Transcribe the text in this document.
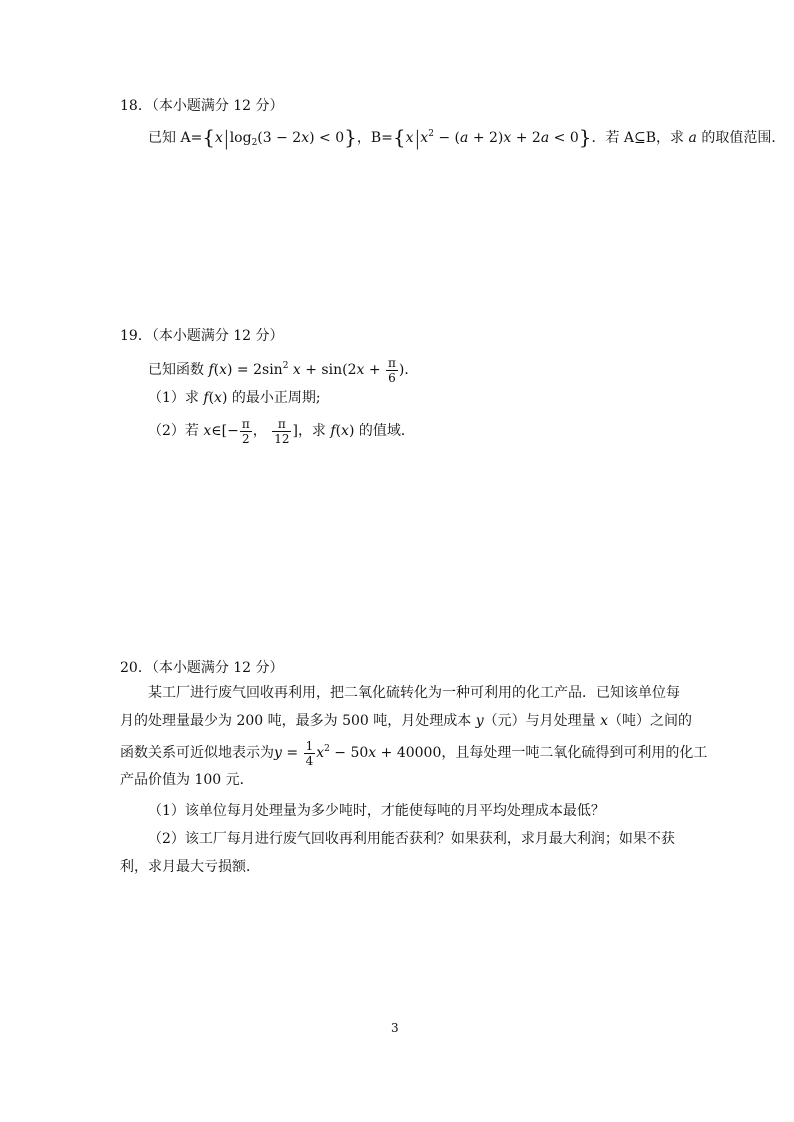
18．（本小题满分 12 分）
已知 $A=\{x|\log_2(3 - 2x) < 0\}$，$B=\{x|x^2 - (a + 2)x + 2a < 0\}$．若 A⊆B，求 a 的取值范围．
19．（本小题满分 12 分）
已知函数 $f(x) = 2\sin^2$ $x + \sin(2x + \frac{\pi}{6}$ )．
（1）求 f(x) 的最小正周期;
（2）若 x∈[− $\frac{\pi}{2}$ ， $\frac{\pi}{12}$ ]，求 f(x) 的值域．
20．（本小题满分 12 分）
某工厂进行废气回收再利用，把二氧化硫转化为一种可利用的化工产品．已知该单位每
月的处理量最少为 200 吨，最多为 500 吨，月处理成本 y（元）与月处理量 x（吨）之间的
函数关系可近似地表示为$y = \frac{1}{4} x^2 - 50x + 40000$，且每处理一吨二氧化硫得到可利用的化工
产品价值为 100 元．
（1）该单位每月处理量为多少吨时，才能使每吨的月平均处理成本最低？
（2）该工厂每月进行废气回收再利用能否获利？如果获利，求月最大利润；如果不获
利，求月最大亏损额．
3
